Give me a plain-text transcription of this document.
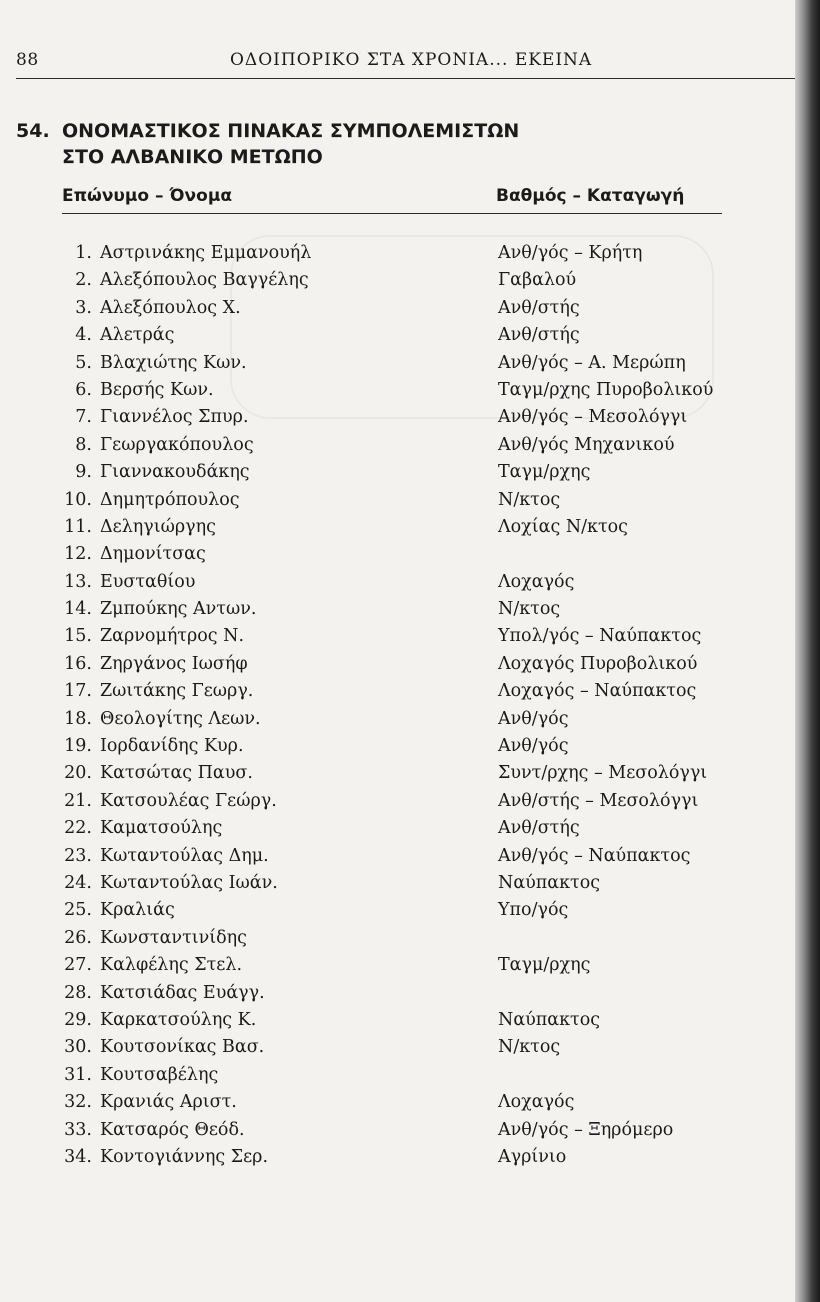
88	ΟΔΟΙΠΟΡΙΚΟ ΣΤΑ ΧΡΟΝΙΑ... ΕΚΕΙΝΑ
54. ΟΝΟΜΑΣΤΙΚΟΣ ΠΙΝΑΚΑΣ ΣΥΜΠΟΛΕΜΙΣΤΩΝ
ΣΤΟ ΑΛΒΑΝΙΚΟ ΜΕΤΩΠΟ
Επώνυμο – Όνομα	Βαθμός – Καταγωγή
1. Αστρινάκης Εμμανουήλ	Ανθ/γός – Κρήτη
2. Αλεξόπουλος Βαγγέλης	Γαβαλού
3. Αλεξόπουλος Χ.	Ανθ/στής
4. Αλετράς	Ανθ/στής
5. Βλαχιώτης Κων.	Ανθ/γός – Α. Μερώπη
6. Βερσής Κων.	Ταγμ/ρχης Πυροβολικού
7. Γιαννέλος Σπυρ.	Ανθ/γός – Μεσολόγγι
8. Γεωργακόπουλος	Ανθ/γός Μηχανικού
9. Γιαννακουδάκης	Ταγμ/ρχης
10. Δημητρόπουλος	Ν/κτος
11. Δεληγιώργης	Λοχίας Ν/κτος
12. Δημονίτσας
13. Ευσταθίου	Λοχαγός
14. Ζμπούκης Αντων.	Ν/κτος
15. Ζαρνομήτρος Ν.	Υπολ/γός – Ναύπακτος
16. Ζηργάνος Ιωσήφ	Λοχαγός Πυροβολικού
17. Ζωιτάκης Γεωργ.	Λοχαγός – Ναύπακτος
18. Θεολογίτης Λεων.	Ανθ/γός
19. Ιορδανίδης Κυρ.	Ανθ/γός
20. Κατσώτας Παυσ.	Συντ/ρχης – Μεσολόγγι
21. Κατσουλέας Γεώργ.	Ανθ/στής – Μεσολόγγι
22. Καματσούλης	Ανθ/στής
23. Κωταντούλας Δημ.	Ανθ/γός – Ναύπακτος
24. Κωταντούλας Ιωάν.	Ναύπακτος
25. Κραλιάς	Υπο/γός
26. Κωνσταντινίδης
27. Καλφέλης Στελ.	Ταγμ/ρχης
28. Κατσιάδας Ευάγγ.
29. Καρκατσούλης Κ.	Ναύπακτος
30. Κουτσονίκας Βασ.	Ν/κτος
31. Κουτσαβέλης
32. Κρανιάς Αριστ.	Λοχαγός
33. Κατσαρός Θεόδ.	Ανθ/γός – Ξηρόμερο
34. Κοντογιάννης Σερ.	Αγρίνιο
